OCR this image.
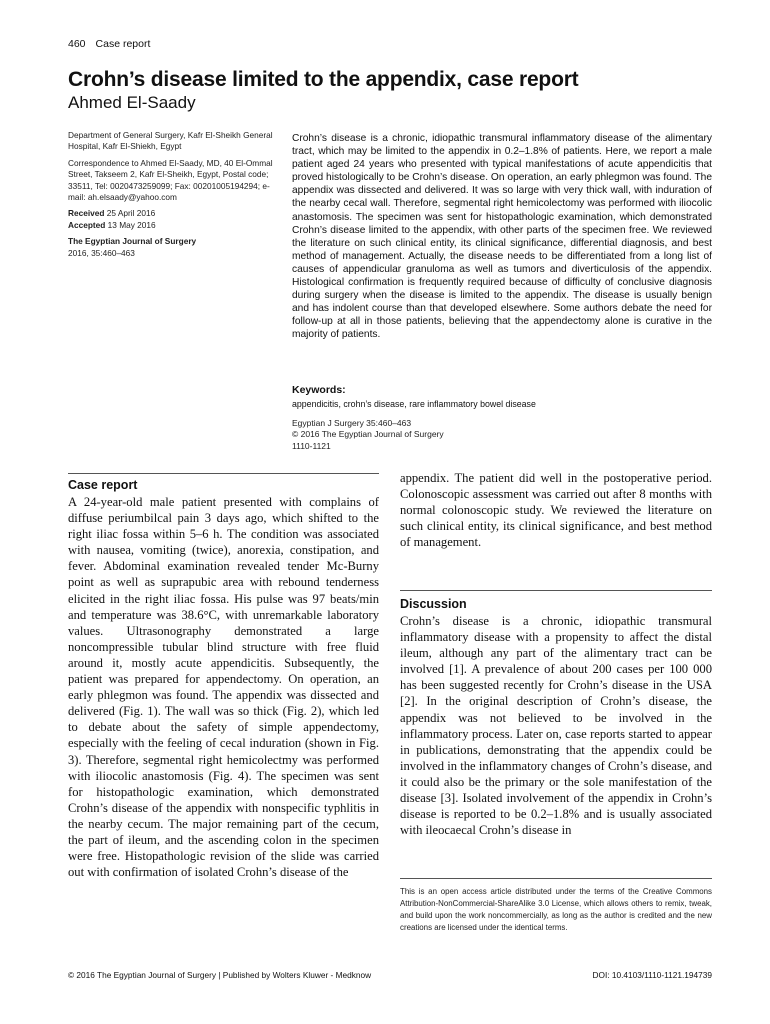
460 Case report
Crohn’s disease limited to the appendix, case report
Ahmed El-Saady

Department of General Surgery, Kafr El-Sheikh General Hospital, Kafr El-Shiekh, Egypt

Correspondence to Ahmed El-Saady, MD, 40 El-Ommal Street, Takseem 2, Kafr El-Sheikh, Egypt, Postal code; 33511, Tel: 0020473259099; Fax: 00201005194294; e-mail: ah.elsaady@yahoo.com

Received 25 April 2016

Accepted 13 May 2016

The Egyptian Journal of Surgery

2016, 35:460–463

Crohn’s disease is a chronic, idiopathic transmural inflammatory disease of the alimentary tract, which may be limited to the appendix in 0.2–1.8% of patients. Here, we report a male patient aged 24 years who presented with typical manifestations of acute appendicitis that proved histologically to be Crohn’s disease. On operation, an early phlegmon was found. The appendix was dissected and delivered. It was so large with very thick wall, with induration of the nearby cecal wall. Therefore, segmental right hemicolectomy was performed with iliocolic anastomosis. The specimen was sent for histopathologic examination, which demonstrated Crohn’s disease limited to the appendix, with other parts of the specimen free. We reviewed the literature on such clinical entity, its clinical significance, differential diagnosis, and best method of management. Actually, the disease needs to be differentiated from a long list of causes of appendicular granuloma as well as tumors and diverticulosis of the appendix. Histological confirmation is frequently required because of difficulty of conclusive diagnosis during surgery when the disease is limited to the appendix. The disease is usually benign and has indolent course than that developed elsewhere. Some authors debate the need for follow-up at all in those patients, believing that the appendectomy alone is curative in the majority of patients.

Keywords:
appendicitis, crohn’s disease, rare inflammatory bowel disease
Egyptian J Surgery 35:460–463
© 2016 The Egyptian Journal of Surgery
1110-1121
Case report

A 24-year-old male patient presented with complains of diffuse periumbilcal pain 3 days ago, which shifted to the right iliac fossa within 5–6 h. The condition was associated with nausea, vomiting (twice), anorexia, constipation, and fever. Abdominal examination revealed tender Mc-Burny point as well as suprapubic area with rebound tenderness elicited in the right iliac fossa. His pulse was 97 beats/min and temperature was 38.6°C, with unremarkable laboratory values. Ultrasonography demonstrated a large noncompressible tubular blind structure with free fluid around it, mostly acute appendicitis. Subsequently, the patient was prepared for appendectomy. On operation, an early phlegmon was found. The appendix was dissected and delivered (Fig. 1). The wall was so thick (Fig. 2), which led to debate about the safety of simple appendectomy, especially with the feeling of cecal induration (shown in Fig. 3). Therefore, segmental right hemicolectmy was performed with iliocolic anastomosis (Fig. 4). The specimen was sent for histopathologic examination, which demonstrated Crohn’s disease of the appendix with nonspecific typhlitis in the nearby cecum. The major remaining part of the cecum, the part of ileum, and the ascending colon in the specimen were free. Histopathologic revision of the slide was carried out with confirmation of isolated Crohn’s disease of the

appendix. The patient did well in the postoperative period. Colonoscopic assessment was carried out after 8 months with normal colonoscopic study. We reviewed the literature on such clinical entity, its clinical significance, and best method of management.

Discussion

Crohn’s disease is a chronic, idiopathic transmural inflammatory disease with a propensity to affect the distal ileum, although any part of the alimentary tract can be involved [1]. A prevalence of about 200 cases per 100 000 has been suggested recently for Crohn’s disease in the USA [2]. In the original description of Crohn’s disease, the appendix was not believed to be involved in the inflammatory process. Later on, case reports started to appear in publications, demonstrating that the appendix could be involved in the inflammatory changes of Crohn’s disease, and it could also be the primary or the sole manifestation of the disease [3]. Isolated involvement of the appendix in Crohn’s disease is reported to be 0.2–1.8% and is usually associated with ileocaecal Crohn’s disease in

This is an open access article distributed under the terms of the Creative Commons Attribution-NonCommercial-ShareAlike 3.0 License, which allows others to remix, tweak, and build upon the work noncommercially, as long as the author is credited and the new creations are licensed under the identical terms.
© 2016 The Egyptian Journal of Surgery | Published by Wolters Kluwer - Medknow	DOI: 10.4103/1110-1121.194739
